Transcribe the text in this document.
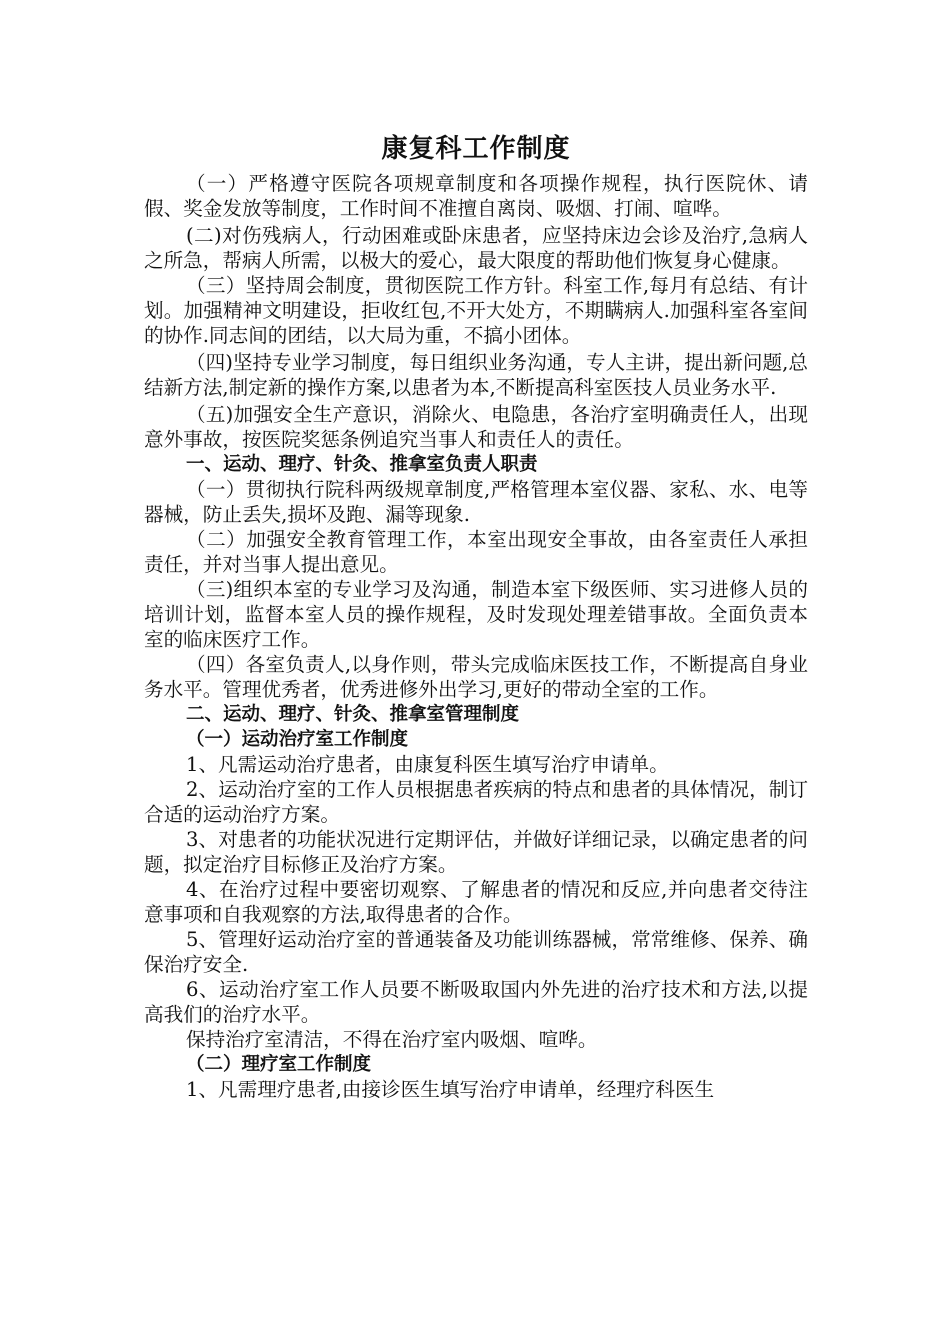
康复科工作制度

（一）严格遵守医院各项规章制度和各项操作规程，执行医院休、请假、奖金发放等制度，工作时间不准擅自离岗、吸烟、打闹、喧哗。

(二)对伤残病人，行动困难或卧床患者，应坚持床边会诊及治疗,急病人之所急，帮病人所需，以极大的爱心，最大限度的帮助他们恢复身心健康。

（三）坚持周会制度，贯彻医院工作方针。科室工作,每月有总结、有计划。加强精神文明建设，拒收红包,不开大处方，不期瞒病人.加强科室各室间的协作.同志间的团结，以大局为重，不搞小团体。

（四)坚持专业学习制度，每日组织业务沟通，专人主讲，提出新问题,总结新方法,制定新的操作方案,以患者为本,不断提高科室医技人员业务水平.

（五)加强安全生产意识，消除火、电隐患，各治疗室明确责任人，出现意外事故，按医院奖惩条例追究当事人和责任人的责任。

一、运动、理疗、针灸、推拿室负责人职责

（一）贯彻执行院科两级规章制度,严格管理本室仪器、家私、水、电等器械，防止丢失,损坏及跑、漏等现象.

（二）加强安全教育管理工作，本室出现安全事故，由各室责任人承担责任，并对当事人提出意见。

（三)组织本室的专业学习及沟通，制造本室下级医师、实习进修人员的培训计划，监督本室人员的操作规程，及时发现处理差错事故。全面负责本室的临床医疗工作。

（四）各室负责人,以身作则，带头完成临床医技工作，不断提高自身业务水平。管理优秀者，优秀进修外出学习,更好的带动全室的工作。

二、运动、理疗、针灸、推拿室管理制度
（一）运动治疗室工作制度

1、凡需运动治疗患者，由康复科医生填写治疗申请单。

2、运动治疗室的工作人员根据患者疾病的特点和患者的具体情况，制订合适的运动治疗方案。

3、对患者的功能状况进行定期评估，并做好详细记录，以确定患者的问题，拟定治疗目标修正及治疗方案。

4、在治疗过程中要密切观察、了解患者的情况和反应,并向患者交待注意事项和自我观察的方法,取得患者的合作。

5、管理好运动治疗室的普通装备及功能训练器械，常常维修、保养、确保治疗安全.

6、运动治疗室工作人员要不断吸取国内外先进的治疗技术和方法,以提高我们的治疗水平。

保持治疗室清洁，不得在治疗室内吸烟、喧哗。

（二）理疗室工作制度

1、凡需理疗患者,由接诊医生填写治疗申请单，经理疗科医生
